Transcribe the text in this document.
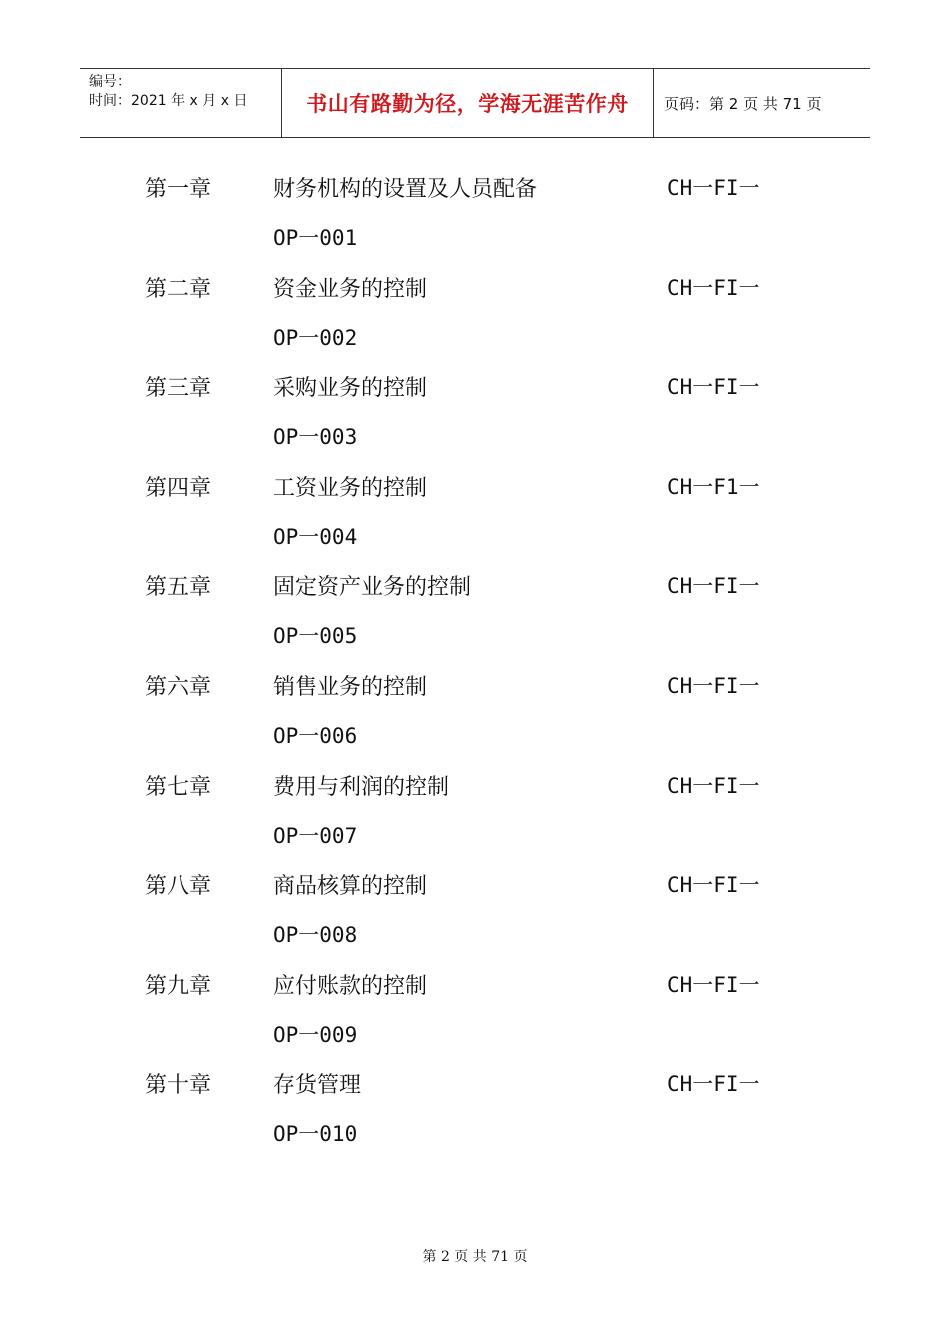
编号：
时间：2021 年 x 月 x 日	书山有路勤为径，学海无涯苦作舟 页码：第 2 页 共 71 页
第一章	财务机构的设置及人员配备	CH一FI一
OP一001
第二章	资金业务的控制	CH一FI一
OP一002
第三章	采购业务的控制	CH一FI一
OP一003
第四章	工资业务的控制	CH一F1一
OP一004
第五章	固定资产业务的控制	CH一FI一
OP一005
第六章	销售业务的控制	CH一FI一
OP一006
第七章	费用与利润的控制	CH一FI一
OP一007
第八章	商品核算的控制	CH一FI一
OP一008
第九章	应付账款的控制	CH一FI一
OP一009
第十章	存货管理	CH一FI一
OP一010
第 2 页 共 71 页
